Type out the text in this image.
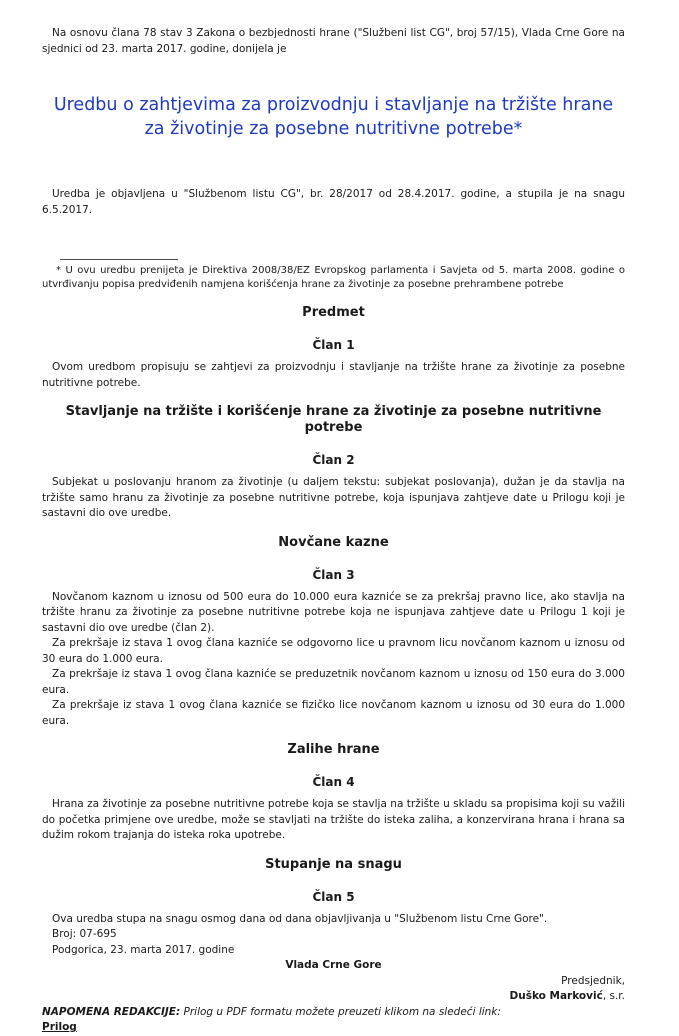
Na osnovu člana 78 stav 3 Zakona o bezbjednosti hrane ("Službeni list CG", broj 57/15), Vlada Crne Gore na sjednici od 23. marta 2017. godine, donijela je

Uredbu o zahtjevima za proizvodnju i stavljanje na tržište hrane za životinje za posebne nutritivne potrebe*

Uredba je objavljena u "Službenom listu CG", br. 28/2017 od 28.4.2017. godine, a stupila je na snagu 6.5.2017.

* U ovu uredbu prenijeta je Direktiva 2008/38/EZ Evropskog parlamenta i Savjeta od 5. marta 2008. godine o utvrđivanju popisa predviđenih namjena korišćenja hrane za životinje za posebne prehrambene potrebe

Predmet
Član 1

Ovom uredbom propisuju se zahtjevi za proizvodnju i stavljanje na tržište hrane za životinje za posebne nutritivne potrebe.

Stavljanje na tržište i korišćenje hrane za životinje za posebne nutritivne potrebe
Član 2

Subjekat u poslovanju hranom za životinje (u daljem tekstu: subjekat poslovanja), dužan je da stavlja na tržište samo hranu za životinje za posebne nutritivne potrebe, koja ispunjava zahtjeve date u Prilogu koji je sastavni dio ove uredbe.

Novčane kazne
Član 3

Novčanom kaznom u iznosu od 500 eura do 10.000 eura kazniće se za prekršaj pravno lice, ako stavlja na tržište hranu za životinje za posebne nutritivne potrebe koja ne ispunjava zahtjeve date u Prilogu 1 koji je sastavni dio ove uredbe (član 2).

Za prekršaje iz stava 1 ovog člana kazniće se odgovorno lice u pravnom licu novčanom kaznom u iznosu od 30 eura do 1.000 eura.

Za prekršaje iz stava 1 ovog člana kazniće se preduzetnik novčanom kaznom u iznosu od 150 eura do 3.000 eura.

Za prekršaje iz stava 1 ovog člana kazniće se fizičko lice novčanom kaznom u iznosu od 30 eura do 1.000 eura.

Zalihe hrane
Član 4

Hrana za životinje za posebne nutritivne potrebe koja se stavlja na tržište u skladu sa propisima koji su važili do početka primjene ove uredbe, može se stavljati na tržište do isteka zaliha, a konzervirana hrana i hrana sa dužim rokom trajanja do isteka roka upotrebe.

Stupanje na snagu
Član 5

Ova uredba stupa na snagu osmog dana od dana objavljivanja u "Službenom listu Crne Gore".

Broj: 07-695

Podgorica, 23. marta 2017. godine

Vlada Crne Gore

Predsjednik,

Duško Marković, s.r.

NAPOMENA REDAKCIJE: Prilog u PDF formatu možete preuzeti klikom na sledeći link:

Prilog
